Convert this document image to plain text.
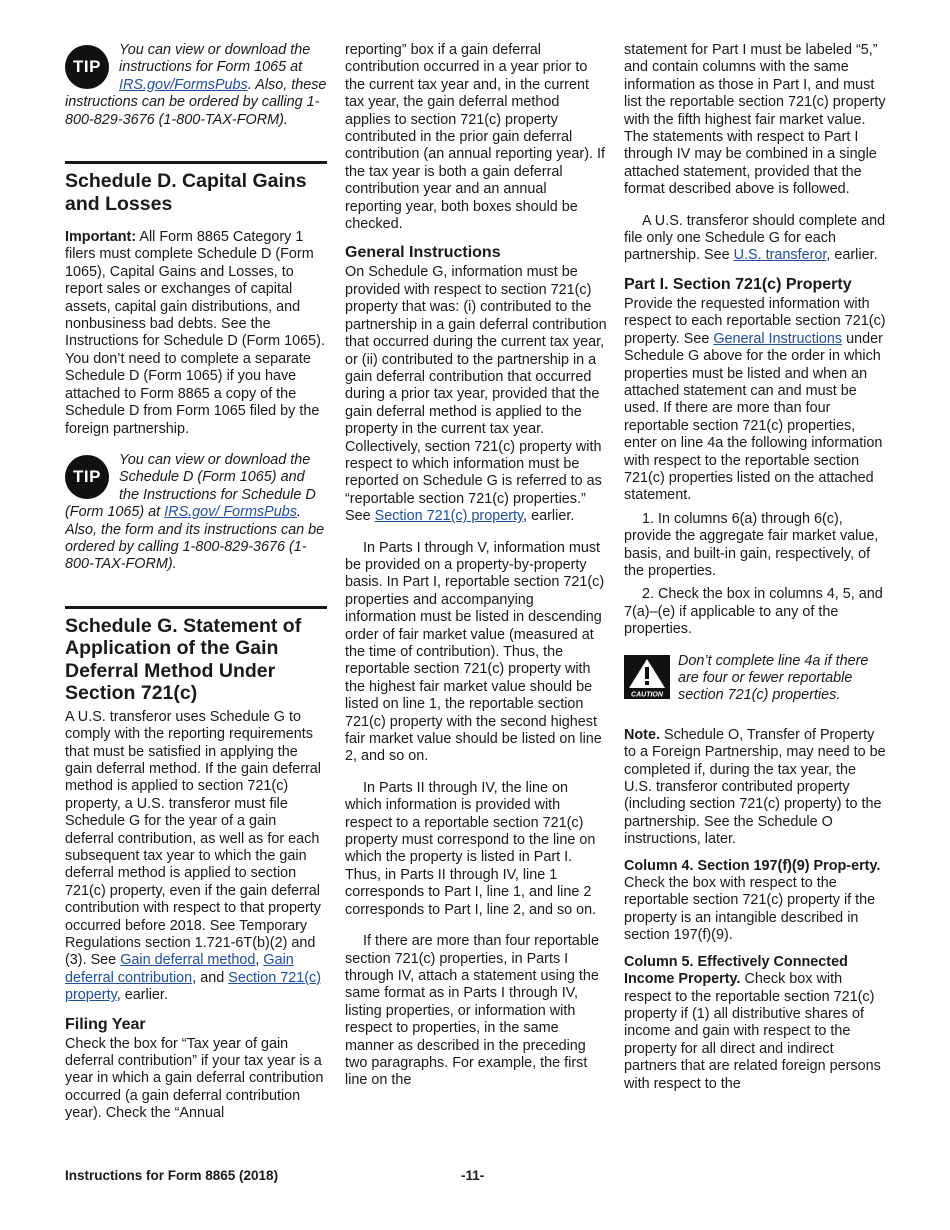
TIP
You can view or download the instructions for Form 1065 at IRS.gov/FormsPubs. Also, these instructions can be ordered by calling 1-800-829-3676 (1-800-TAX-FORM).
Schedule D. Capital Gains and Losses

Important: All Form 8865 Category 1 filers must complete Schedule D (Form 1065), Capital Gains and Losses, to report sales or exchanges of capital assets, capital gain distributions, and nonbusiness bad debts. See the Instructions for Schedule D (Form 1065). You don’t need to complete a separate Schedule D (Form 1065) if you have attached to Form 8865 a copy of the Schedule D from Form 1065 filed by the foreign partnership.

TIP
You can view or download the Schedule D (Form 1065) and the Instructions for Schedule D (Form 1065) at IRS.gov/ FormsPubs. Also, the form and its instructions can be ordered by calling 1-800-829-3676 (1-800-TAX-FORM).
Schedule G. Statement of Application of the Gain Deferral Method Under Section 721(c)

A U.S. transferor uses Schedule G to comply with the reporting requirements that must be satisfied in applying the gain deferral method. If the gain deferral method is applied to section 721(c) property, a U.S. transferor must file Schedule G for the year of a gain deferral contribution, as well as for each subsequent tax year to which the gain deferral method is applied to section 721(c) property, even if the gain deferral contribution with respect to that property occurred before 2018. See Temporary Regulations section 1.721-6T(b)(2) and (3). See Gain deferral method, Gain deferral contribution, and Section 721(c) property, earlier.

Filing Year

Check the box for “Tax year of gain deferral contribution” if your tax year is a year in which a gain deferral contribution occurred (a gain deferral contribution year). Check the “Annual

reporting” box if a gain deferral contribution occurred in a year prior to the current tax year and, in the current tax year, the gain deferral method applies to section 721(c) property contributed in the prior gain deferral contribution (an annual reporting year). If the tax year is both a gain deferral contribution year and an annual reporting year, both boxes should be checked.

General Instructions

On Schedule G, information must be provided with respect to section 721(c) property that was: (i) contributed to the partnership in a gain deferral contribution that occurred during the current tax year, or (ii) contributed to the partnership in a gain deferral contribution that occurred during a prior tax year, provided that the gain deferral method is applied to the property in the current tax year. Collectively, section 721(c) property with respect to which information must be reported on Schedule G is referred to as “reportable section 721(c) properties.” See Section 721(c) property, earlier.

In Parts I through V, information must be provided on a property-by-property basis. In Part I, reportable section 721(c) properties and accompanying information must be listed in descending order of fair market value (measured at the time of contribution). Thus, the reportable section 721(c) property with the highest fair market value should be listed on line 1, the reportable section 721(c) property with the second highest fair market value should be listed on line 2, and so on.

In Parts II through IV, the line on which information is provided with respect to a reportable section 721(c) property must correspond to the line on which the property is listed in Part I. Thus, in Parts II through IV, line 1 corresponds to Part I, line 1, and line 2 corresponds to Part I, line 2, and so on.

If there are more than four reportable section 721(c) properties, in Parts I through IV, attach a statement using the same format as in Parts I through IV, listing properties, or information with respect to properties, in the same manner as described in the preceding two paragraphs. For example, the first line on the

statement for Part I must be labeled “5,” and contain columns with the same information as those in Part I, and must list the reportable section 721(c) property with the fifth highest fair market value. The statements with respect to Part I through IV may be combined in a single attached statement, provided that the format described above is followed.

A U.S. transferor should complete and file only one Schedule G for each partnership. See U.S. transferor, earlier.

Part I. Section 721(c) Property

Provide the requested information with respect to each reportable section 721(c) property. See General Instructions under Schedule G above for the order in which properties must be listed and when an attached statement can and must be used. If there are more than four reportable section 721(c) properties, enter on line 4a the following information with respect to the reportable section 721(c) properties listed on the attached statement.

1. In columns 6(a) through 6(c), provide the aggregate fair market value, basis, and built-in gain, respectively, of the properties.

2. Check the box in columns 4, 5, and 7(a)–(e) if applicable to any of the properties.

CAUTION
Don’t complete line 4a if there are four or fewer reportable section 721(c) properties.

Note. Schedule O, Transfer of Property to a Foreign Partnership, may need to be completed if, during the tax year, the U.S. transferor contributed property (including section 721(c) property) to the partnership. See the Schedule O instructions, later.

Column 4. Section 197(f)(9) Prop-erty. Check the box with respect to the reportable section 721(c) property if the property is an intangible described in section 197(f)(9).

Column 5. Effectively Connected Income Property. Check box with respect to the reportable section 721(c) property if (1) all distributive shares of income and gain with respect to the property for all direct and indirect partners that are related foreign persons with respect to the

Instructions for Form 8865 (2018)	-11-
